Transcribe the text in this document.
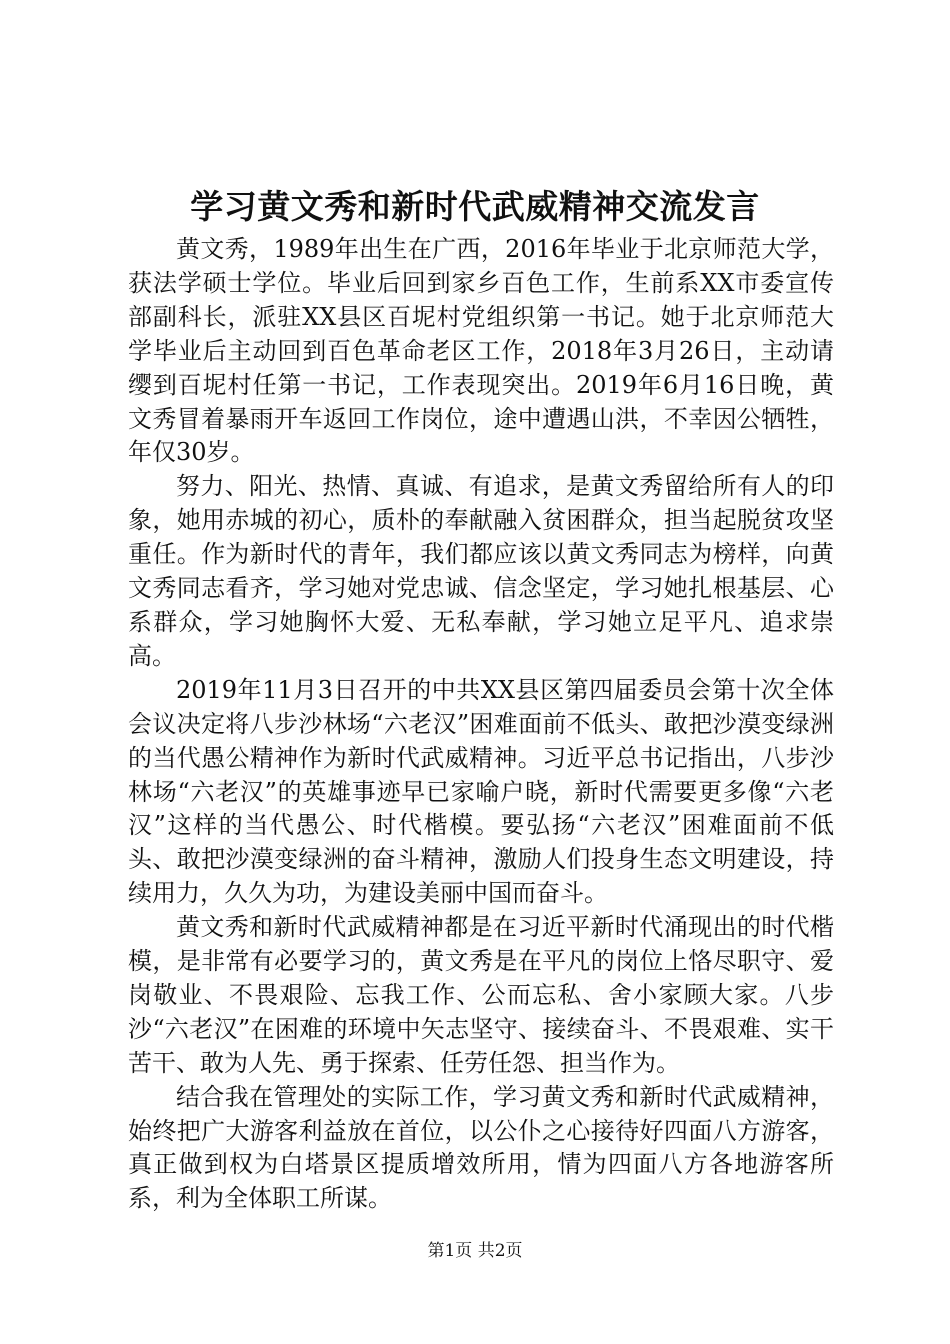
学习黄文秀和新时代武威精神交流发言

黄文秀，1989年出生在广西，2016年毕业于北京师范大学，获法学硕士学位。毕业后回到家乡百色工作，生前系XX市委宣传部副科长，派驻XX县区百坭村党组织第一书记。她于北京师范大学毕业后主动回到百色革命老区工作，2018年3月26日，主动请缨到百坭村任第一书记，工作表现突出。2019年6月16日晚，黄文秀冒着暴雨开车返回工作岗位，途中遭遇山洪，不幸因公牺牲，年仅30岁。

努力、阳光、热情、真诚、有追求，是黄文秀留给所有人的印象，她用赤城的初心，质朴的奉献融入贫困群众，担当起脱贫攻坚重任。作为新时代的青年，我们都应该以黄文秀同志为榜样，向黄文秀同志看齐，学习她对党忠诚、信念坚定，学习她扎根基层、心系群众，学习她胸怀大爱、无私奉献，学习她立足平凡、追求崇高。

2019年11月3日召开的中共XX县区第四届委员会第十次全体会议决定将八步沙林场“六老汉”困难面前不低头、敢把沙漠变绿洲的当代愚公精神作为新时代武威精神。习近平总书记指出，八步沙林场“六老汉”的英雄事迹早已家喻户晓，新时代需要更多像“六老汉”这样的当代愚公、时代楷模。要弘扬“六老汉”困难面前不低头、敢把沙漠变绿洲的奋斗精神，激励人们投身生态文明建设，持续用力，久久为功，为建设美丽中国而奋斗。

黄文秀和新时代武威精神都是在习近平新时代涌现出的时代楷模，是非常有必要学习的，黄文秀是在平凡的岗位上恪尽职守、爱岗敬业、不畏艰险、忘我工作、公而忘私、舍小家顾大家。八步沙“六老汉”在困难的环境中矢志坚守、接续奋斗、不畏艰难、实干苦干、敢为人先、勇于探索、任劳任怨、担当作为。

结合我在管理处的实际工作，学习黄文秀和新时代武威精神，始终把广大游客利益放在首位，以公仆之心接待好四面八方游客，真正做到权为白塔景区提质增效所用，情为四面八方各地游客所系，利为全体职工所谋。

第1页 共2页
